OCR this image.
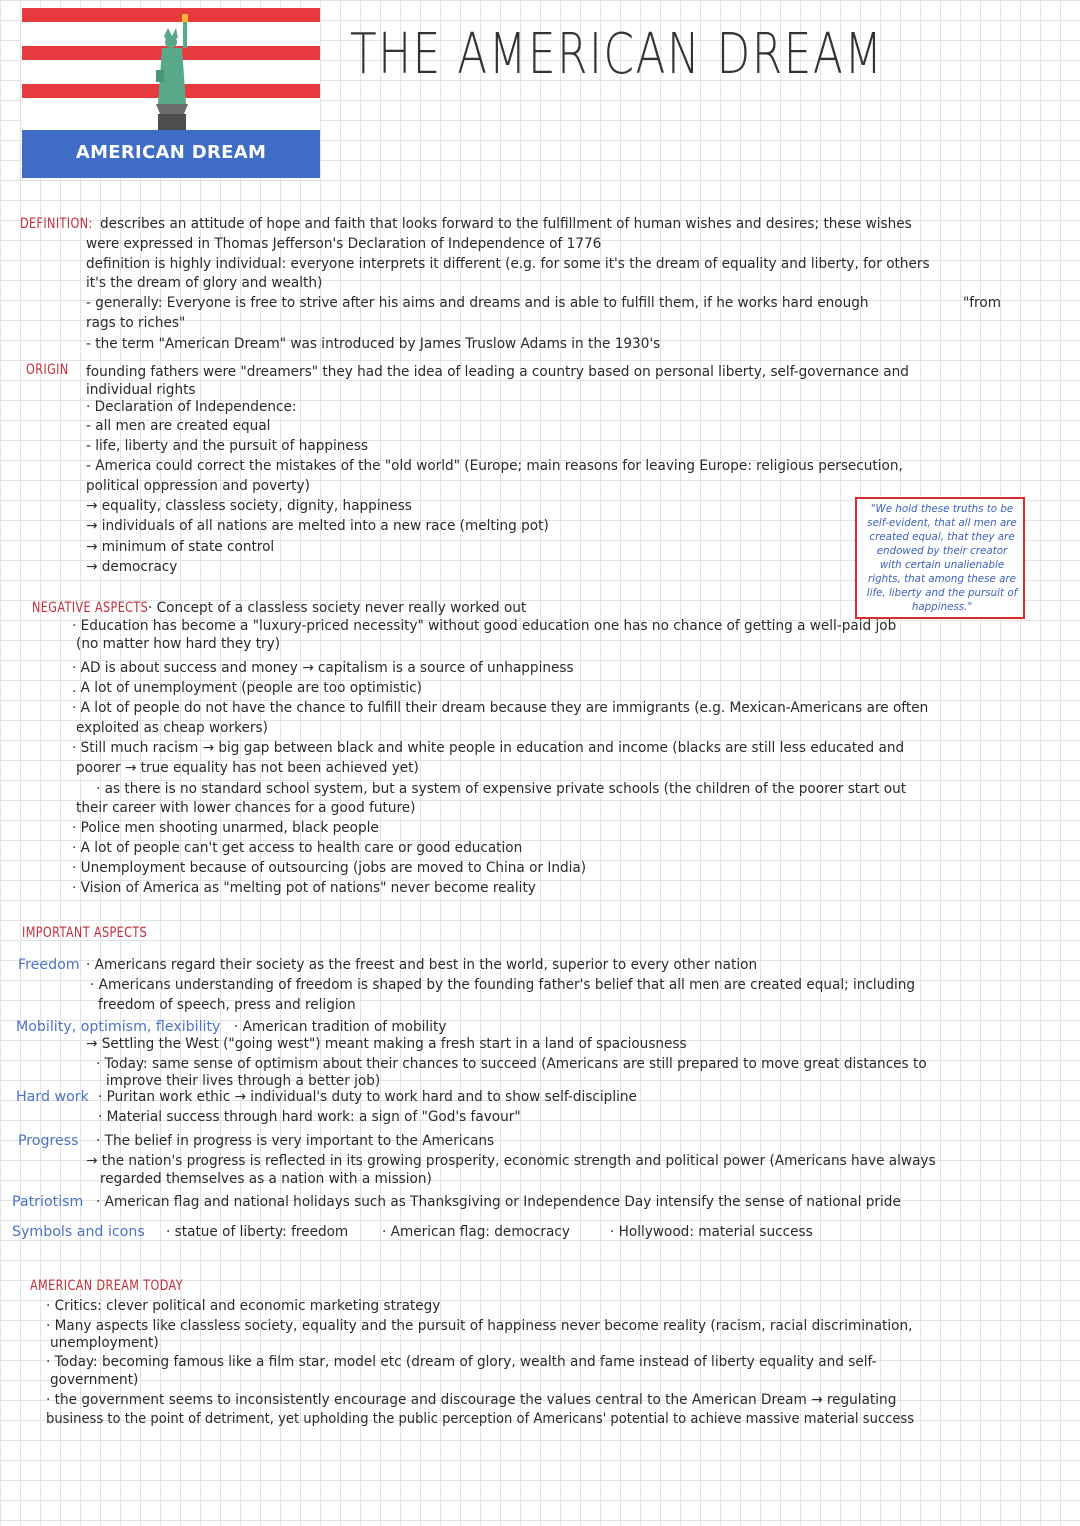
AMERICAN DREAM
THE AMERICAN DREAM
DEFINITION: describes an attitude of hope and faith that looks forward to the fulfillment of human wishes and desires; these wishes
were expressed in Thomas Jefferson's Declaration of Independence of 1776
definition is highly individual: everyone interprets it different (e.g. for some it's the dream of equality and liberty, for others
it's the dream of glory and wealth)
- generally: Everyone is free to strive after his aims and dreams and is able to fulfill them, if he works hard enough	"from
rags to riches"
- the term "American Dream" was introduced by James Truslow Adams in the 1930's
ORIGIN founding fathers were "dreamers" they had the idea of leading a country based on personal liberty, self-governance and
individual rights
· Declaration of Independence:
- all men are created equal
- life, liberty and the pursuit of happiness
- America could correct the mistakes of the "old world" (Europe; main reasons for leaving Europe: religious persecution,
political oppression and poverty)
→ equality, classless society, dignity, happiness
→ individuals of all nations are melted into a new race (melting pot)
→ minimum of state control
→ democracy
"We hold these truths to be
self-evident, that all men are
created equal, that they are
endowed by their creator
with certain unalienable
rights, that among these are
life, liberty and the pursuit of
happiness."
NEGATIVE ASPECTS · Concept of a classless society never really worked out
· Education has become a "luxury-priced necessity" without good education one has no chance of getting a well-paid job
(no matter how hard they try)
· AD is about success and money → capitalism is a source of unhappiness
. A lot of unemployment (people are too optimistic)
· A lot of people do not have the chance to fulfill their dream because they are immigrants (e.g. Mexican-Americans are often
exploited as cheap workers)
· Still much racism → big gap between black and white people in education and income (blacks are still less educated and
poorer → true equality has not been achieved yet)
· as there is no standard school system, but a system of expensive private schools (the children of the poorer start out
their career with lower chances for a good future)
· Police men shooting unarmed, black people
· A lot of people can't get access to health care or good education
· Unemployment because of outsourcing (jobs are moved to China or India)
· Vision of America as "melting pot of nations" never become reality
IMPORTANT ASPECTS
Freedom · Americans regard their society as the freest and best in the world, superior to every other nation
· Americans understanding of freedom is shaped by the founding father's belief that all men are created equal; including
freedom of speech, press and religion
Mobility, optimism, flexibility · American tradition of mobility
→ Settling the West ("going west") meant making a fresh start in a land of spaciousness
· Today: same sense of optimism about their chances to succeed (Americans are still prepared to move great distances to
improve their lives through a better job)
Hard work · Puritan work ethic → individual's duty to work hard and to show self-discipline
· Material success through hard work: a sign of "God's favour"
Progress · The belief in progress is very important to the Americans
→ the nation's progress is reflected in its growing prosperity, economic strength and political power (Americans have always
regarded themselves as a nation with a mission)
Patriotism · American flag and national holidays such as Thanksgiving or Independence Day intensify the sense of national pride
Symbols and icons · statue of liberty: freedom · American flag: democracy	· Hollywood: material success
AMERICAN DREAM TODAY
· Critics: clever political and economic marketing strategy
· Many aspects like classless society, equality and the pursuit of happiness never become reality (racism, racial discrimination,
unemployment)
· Today: becoming famous like a film star, model etc (dream of glory, wealth and fame instead of liberty equality and self-
government)
· the government seems to inconsistently encourage and discourage the values central to the American Dream → regulating
business to the point of detriment, yet upholding the public perception of Americans' potential to achieve massive material success
